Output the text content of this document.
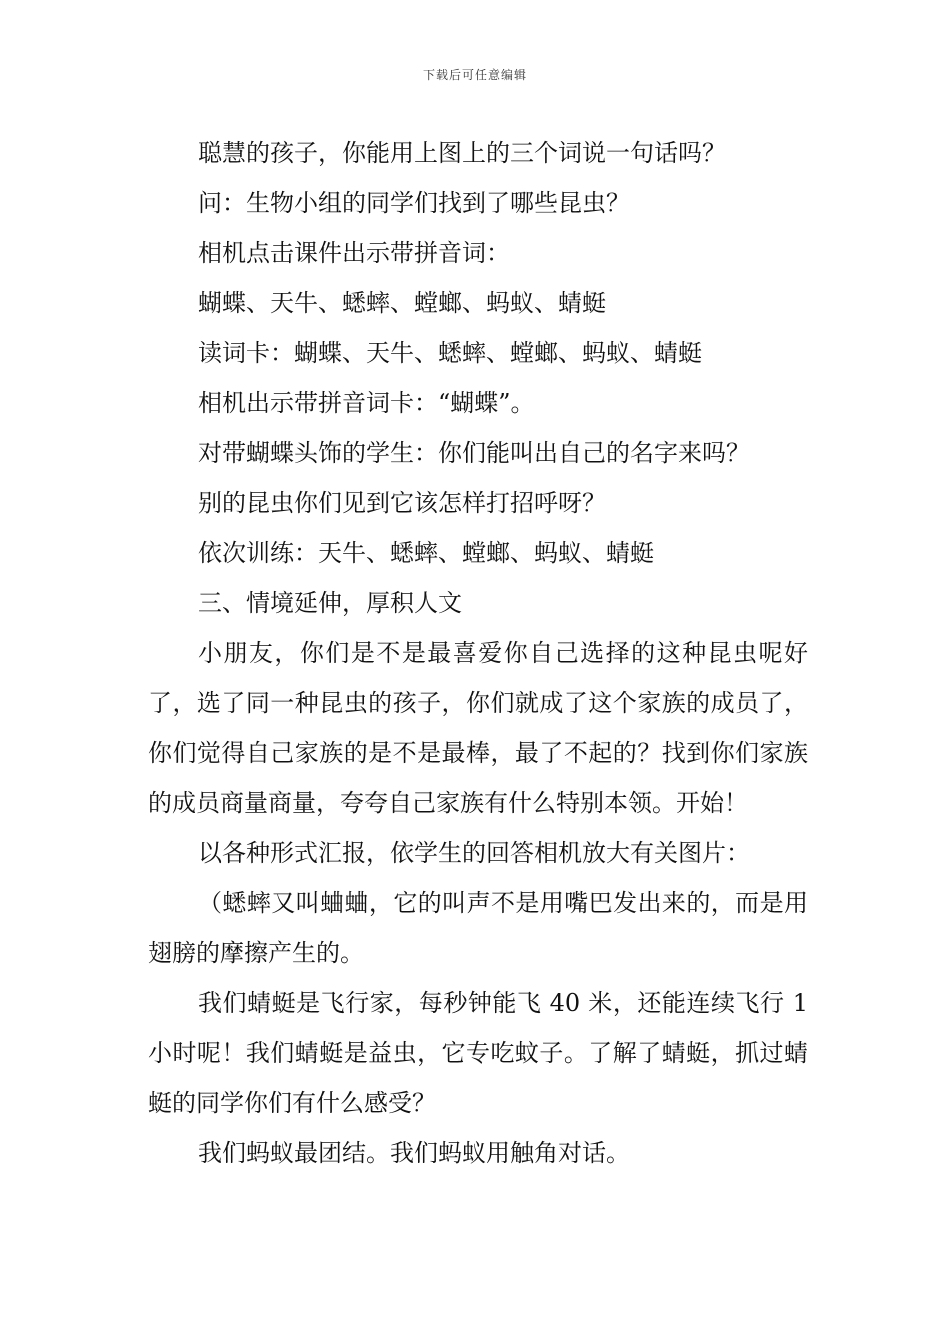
下载后可任意编辑
聪慧的孩子，你能用上图上的三个词说一句话吗？
问：生物小组的同学们找到了哪些昆虫？
相机点击课件出示带拼音词：
蝴蝶、天牛、蟋蟀、螳螂、蚂蚁、蜻蜓
读词卡：蝴蝶、天牛、蟋蟀、螳螂、蚂蚁、蜻蜓
相机出示带拼音词卡：“蝴蝶”。
对带蝴蝶头饰的学生：你们能叫出自己的名字来吗？
别的昆虫你们见到它该怎样打招呼呀？
依次训练：天牛、蟋蟀、螳螂、蚂蚁、蜻蜓
三、情境延伸，厚积人文
小朋友，你们是不是最喜爱你自己选择的这种昆虫呢好了，选了同一种昆虫的孩子，你们就成了这个家族的成员了，你们觉得自己家族的是不是最棒，最了不起的？找到你们家族的成员商量商量，夸夸自己家族有什么特别本领。开始！
以各种形式汇报，依学生的回答相机放大有关图片：
（蟋蟀又叫蛐蛐，它的叫声不是用嘴巴发出来的，而是用翅膀的摩擦产生的。
我们蜻蜓是飞行家，每秒钟能飞 40 米，还能连续飞行 1 小时呢！我们蜻蜓是益虫，它专吃蚊子。了解了蜻蜓，抓过蜻蜓的同学你们有什么感受？
我们蚂蚁最团结。我们蚂蚁用触角对话。
